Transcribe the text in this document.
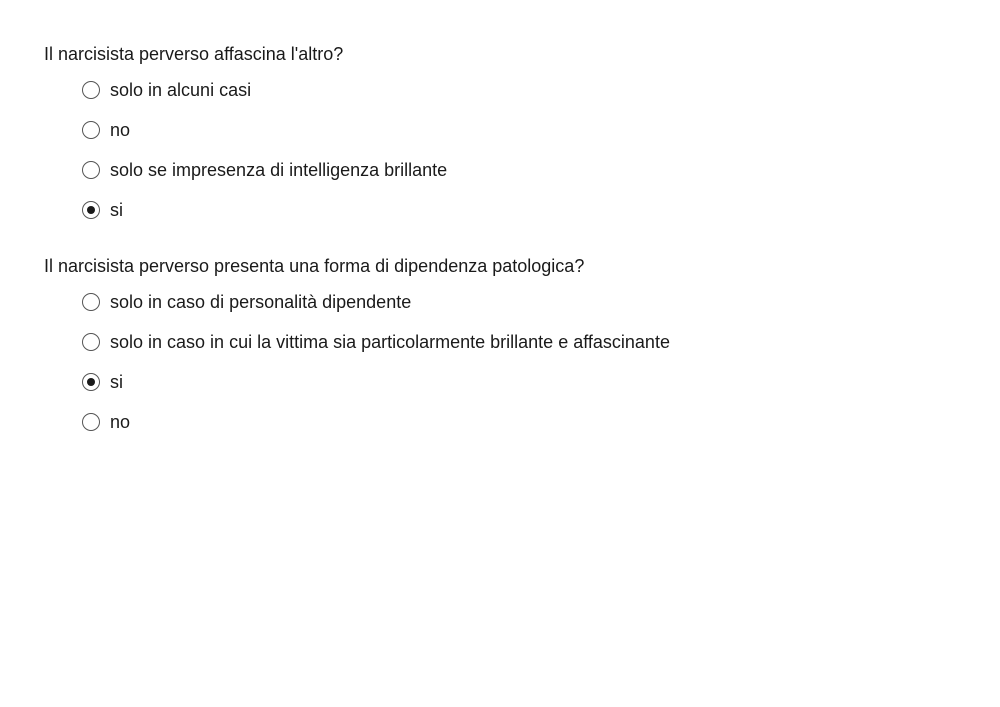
Il narcisista perverso affascina l'altro?

solo in alcuni casi
no
solo se impresenza di intelligenza brillante
si

Il narcisista perverso presenta una forma di dipendenza patologica?

solo in caso di personalità dipendente
solo in caso in cui la vittima sia particolarmente brillante e affascinante
si
no
